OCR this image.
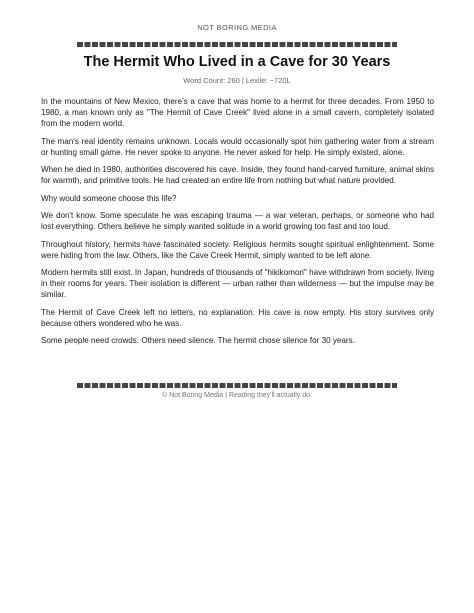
NOT BORING MEDIA
The Hermit Who Lived in a Cave for 30 Years
Word Count: 260 | Lexile: ~720L

In the mountains of New Mexico, there's a cave that was home to a hermit for three decades. From 1950 to 1980, a man known only as "The Hermit of Cave Creek" lived alone in a small cavern, completely isolated from the modern world.

The man's real identity remains unknown. Locals would occasionally spot him gathering water from a stream or hunting small game. He never spoke to anyone. He never asked for help. He simply existed, alone.

When he died in 1980, authorities discovered his cave. Inside, they found hand-carved furniture, animal skins for warmth, and primitive tools. He had created an entire life from nothing but what nature provided.

Why would someone choose this life?

We don't know. Some speculate he was escaping trauma — a war veteran, perhaps, or someone who had lost everything. Others believe he simply wanted solitude in a world growing too fast and too loud.

Throughout history, hermits have fascinated society. Religious hermits sought spiritual enlightenment. Some were hiding from the law. Others, like the Cave Creek Hermit, simply wanted to be left alone.

Modern hermits still exist. In Japan, hundreds of thousands of "hikikomori" have withdrawn from society, living in their rooms for years. Their isolation is different — urban rather than wilderness — but the impulse may be similar.

The Hermit of Cave Creek left no letters, no explanation. His cave is now empty. His story survives only because others wondered who he was.

Some people need crowds. Others need silence. The hermit chose silence for 30 years.

© Not Boring Media | Reading they'll actually do.
